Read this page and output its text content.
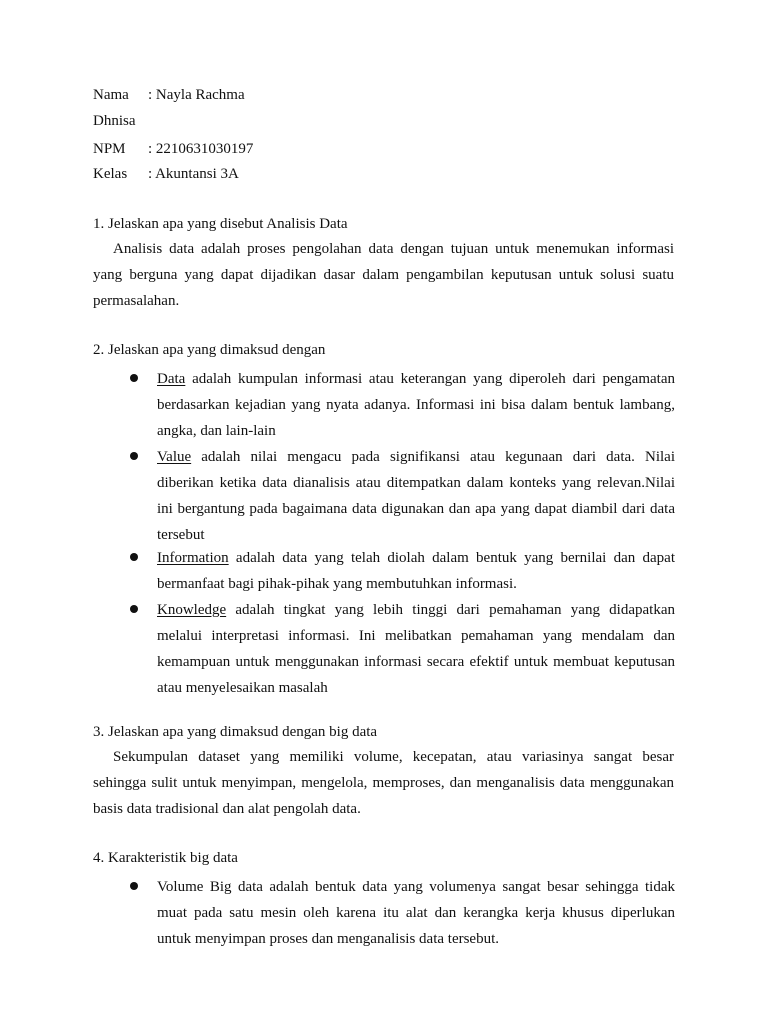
Nama : Nayla Rachma
Dhnisa
NPM : 2210631030197
Kelas : Akuntansi 3A
1. Jelaskan apa yang disebut Analisis Data
Analisis data adalah proses pengolahan data dengan tujuan untuk menemukan informasi
yang berguna yang dapat dijadikan dasar dalam pengambilan keputusan untuk solusi suatu
permasalahan.
2. Jelaskan apa yang dimaksud dengan
Data adalah kumpulan informasi atau keterangan yang diperoleh dari pengamatan
berdasarkan kejadian yang nyata adanya. Informasi ini bisa dalam bentuk lambang,
angka, dan lain-lain
Value adalah nilai mengacu pada signifikansi atau kegunaan dari data. Nilai
diberikan ketika data dianalisis atau ditempatkan dalam konteks yang relevan.Nilai
ini bergantung pada bagaimana data digunakan dan apa yang dapat diambil dari data
tersebut
Information adalah data yang telah diolah dalam bentuk yang bernilai dan dapat
bermanfaat bagi pihak-pihak yang membutuhkan informasi.
Knowledge adalah tingkat yang lebih tinggi dari pemahaman yang didapatkan
melalui interpretasi informasi. Ini melibatkan pemahaman yang mendalam dan
kemampuan untuk menggunakan informasi secara efektif untuk membuat keputusan
atau menyelesaikan masalah
3. Jelaskan apa yang dimaksud dengan big data
Sekumpulan dataset yang memiliki volume, kecepatan, atau variasinya sangat besar
sehingga sulit untuk menyimpan, mengelola, memproses, dan menganalisis data menggunakan
basis data tradisional dan alat pengolah data.
4. Karakteristik big data
Volume Big data adalah bentuk data yang volumenya sangat besar sehingga tidak
muat pada satu mesin oleh karena itu alat dan kerangka kerja khusus diperlukan
untuk menyimpan proses dan menganalisis data tersebut.
